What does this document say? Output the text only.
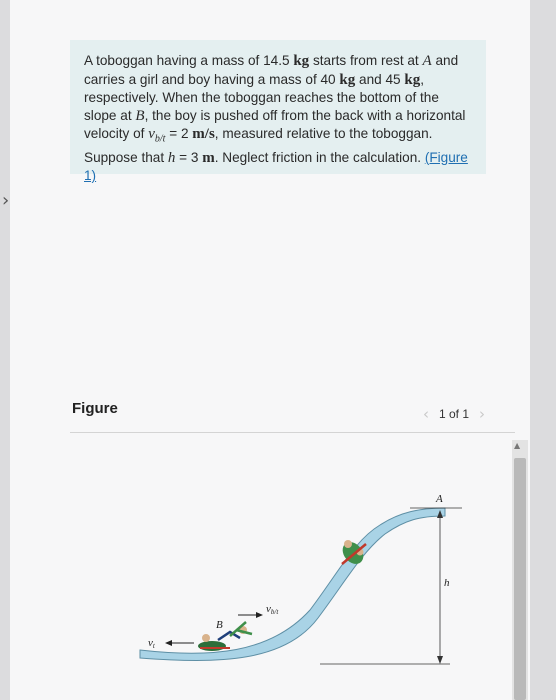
›
A toboggan having a mass of 14.5 kg starts from rest at A and carries a girl and boy having a mass of 40 kg and 45 kg, respectively. When the toboggan reaches the bottom of the slope at B, the boy is pushed off from the back with a horizontal velocity of $v_{b/t} = 2$ m/s, measured relative to the toboggan. Suppose that h = 3 m. Neglect friction in the calculation. (Figure 1)
Figure	‹ 1 of 1 ›
▲
h
A
B
vt
vb/t
